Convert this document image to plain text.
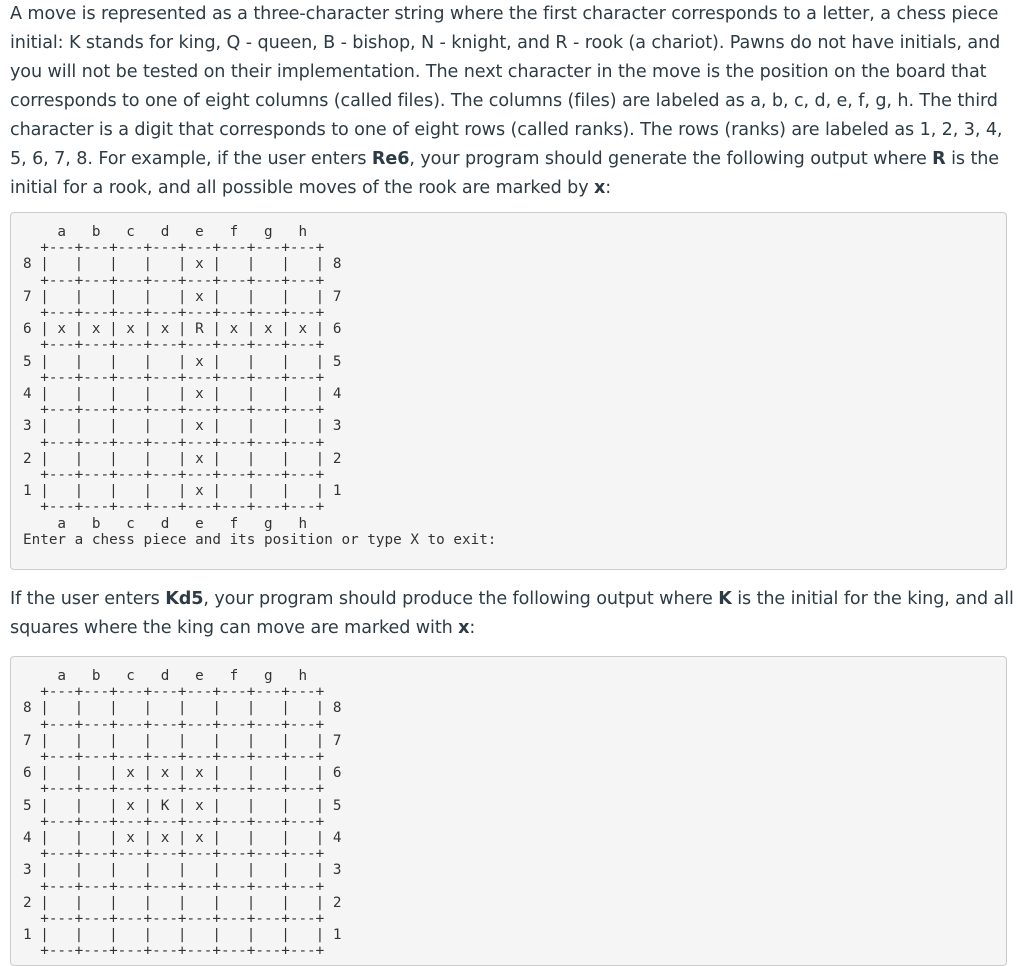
A move is represented as a three-character string where the first character corresponds to a letter, a chess piece initial: K stands for king, Q - queen, B - bishop, N - knight, and R - rook (a chariot). Pawns do not have initials, and you will not be tested on their implementation. The next character in the move is the position on the board that corresponds to one of eight columns (called files). The columns (files) are labeled as a, b, c, d, e, f, g, h. The third character is a digit that corresponds to one of eight rows (called ranks). The rows (ranks) are labeled as 1, 2, 3, 4, 5, 6, 7, 8. For example, if the user enters Re6, your program should generate the following output where R is the initial for a rook, and all possible moves of the rook are marked by x:

a   b   c   d   e   f   g   h
+---+---+---+---+---+---+---+---+
8 |   |   |   |   | x |   |   |   | 8
+---+---+---+---+---+---+---+---+
7 |   |   |   |   | x |   |   |   | 7
+---+---+---+---+---+---+---+---+
6 | x | x | x | x | R | x | x | x | 6
+---+---+---+---+---+---+---+---+
5 |   |   |   |   | x |   |   |   | 5
+---+---+---+---+---+---+---+---+
4 |   |   |   |   | x |   |   |   | 4
+---+---+---+---+---+---+---+---+
3 |   |   |   |   | x |   |   |   | 3
+---+---+---+---+---+---+---+---+
2 |   |   |   |   | x |   |   |   | 2
+---+---+---+---+---+---+---+---+
1 |   |   |   |   | x |   |   |   | 1
+---+---+---+---+---+---+---+---+
a   b   c   d   e   f   g   h
Enter a chess piece and its position or type X to exit:

If the user enters Kd5, your program should produce the following output where K is the initial for the king, and all squares where the king can move are marked with x:

a   b   c   d   e   f   g   h
+---+---+---+---+---+---+---+---+
8 |   |   |   |   |   |   |   |   | 8
+---+---+---+---+---+---+---+---+
7 |   |   |   |   |   |   |   |   | 7
+---+---+---+---+---+---+---+---+
6 |   |   | x | x | x |   |   |   | 6
+---+---+---+---+---+---+---+---+
5 |   |   | x | K | x |   |   |   | 5
+---+---+---+---+---+---+---+---+
4 |   |   | x | x | x |   |   |   | 4
+---+---+---+---+---+---+---+---+
3 |   |   |   |   |   |   |   |   | 3
+---+---+---+---+---+---+---+---+
2 |   |   |   |   |   |   |   |   | 2
+---+---+---+---+---+---+---+---+
1 |   |   |   |   |   |   |   |   | 1
+---+---+---+---+---+---+---+---+
